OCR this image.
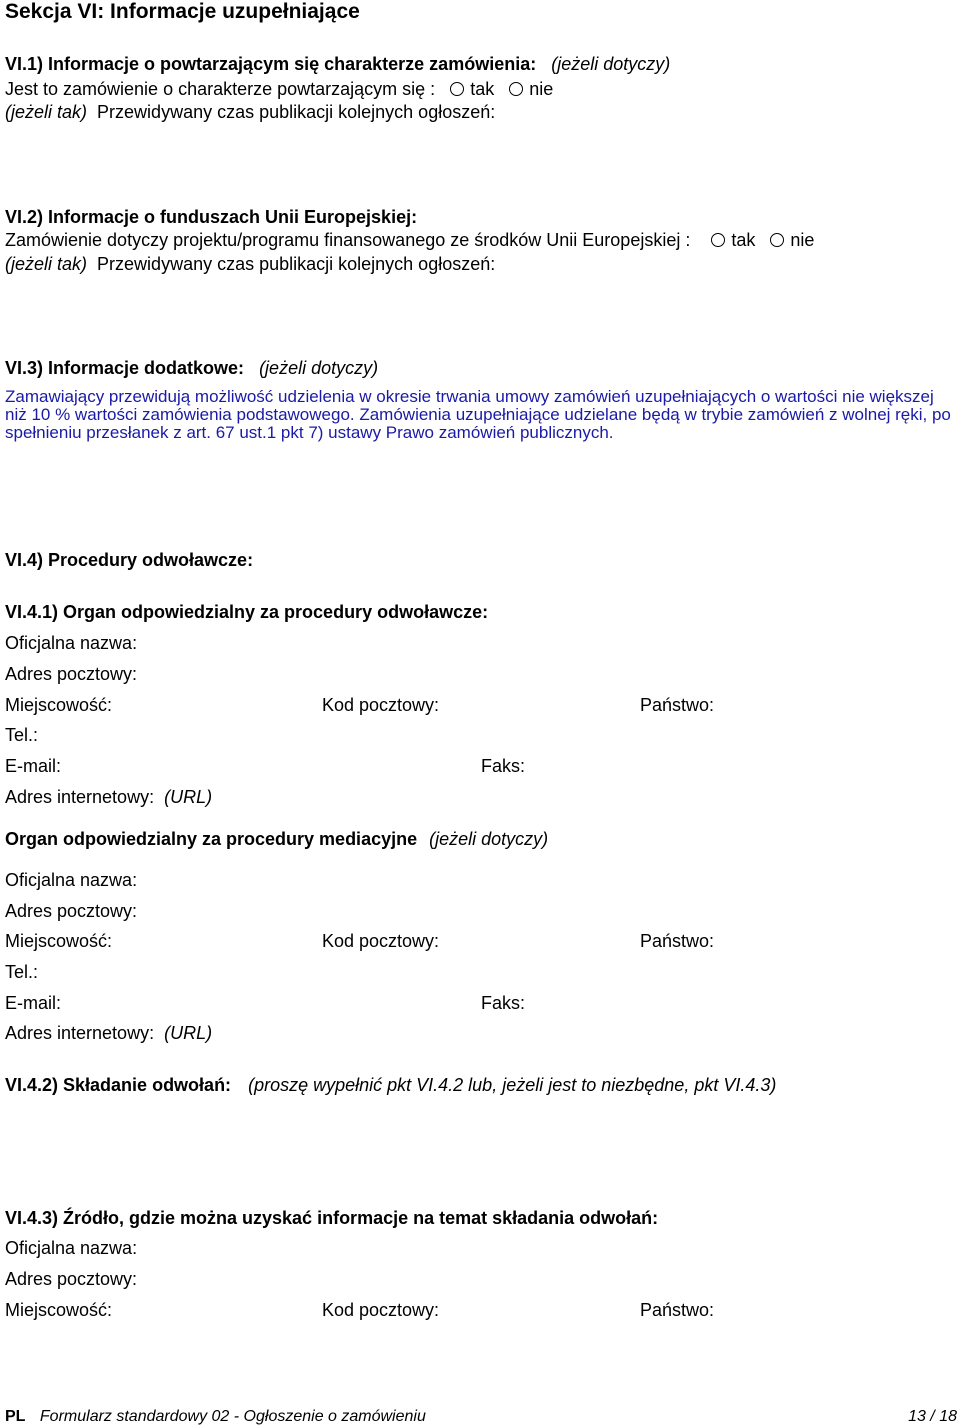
Sekcja VI: Informacje uzupełniające
VI.1) Informacje o powtarzającym się charakterze zamówienia: (jeżeli dotyczy)
Jest to zamówienie o charakterze powtarzającym się : tak nie
(jeżeli tak) Przewidywany czas publikacji kolejnych ogłoszeń:
VI.2) Informacje o funduszach Unii Europejskiej:
Zamówienie dotyczy projektu/programu finansowanego ze środków Unii Europejskiej : tak nie
(jeżeli tak) Przewidywany czas publikacji kolejnych ogłoszeń:
VI.3) Informacje dodatkowe: (jeżeli dotyczy)
Zamawiający przewidują możliwość udzielenia w okresie trwania umowy zamówień uzupełniających o wartości nie większej niż 10 % wartości zamówienia podstawowego. Zamówienia uzupełniające udzielane będą w trybie zamówień z wolnej ręki, po spełnieniu przesłanek z art. 67 ust.1 pkt 7) ustawy Prawo zamówień publicznych.
VI.4) Procedury odwoławcze:
VI.4.1) Organ odpowiedzialny za procedury odwoławcze:
Oficjalna nazwa:
Adres pocztowy:
Miejscowość:	Kod pocztowy:	Państwo:
Tel.:
E-mail:	Faks:
Adres internetowy: (URL)
Organ odpowiedzialny za procedury mediacyjne (jeżeli dotyczy)
Oficjalna nazwa:
Adres pocztowy:
Miejscowość:	Kod pocztowy:	Państwo:
Tel.:
E-mail:	Faks:
Adres internetowy: (URL)
VI.4.2) Składanie odwołań: (proszę wypełnić pkt VI.4.2 lub, jeżeli jest to niezbędne, pkt VI.4.3)
VI.4.3) Źródło, gdzie można uzyskać informacje na temat składania odwołań:
Oficjalna nazwa:
Adres pocztowy:
Miejscowość:	Kod pocztowy:	Państwo:
PL Formularz standardowy 02 - Ogłoszenie o zamówieniu	13 / 18
